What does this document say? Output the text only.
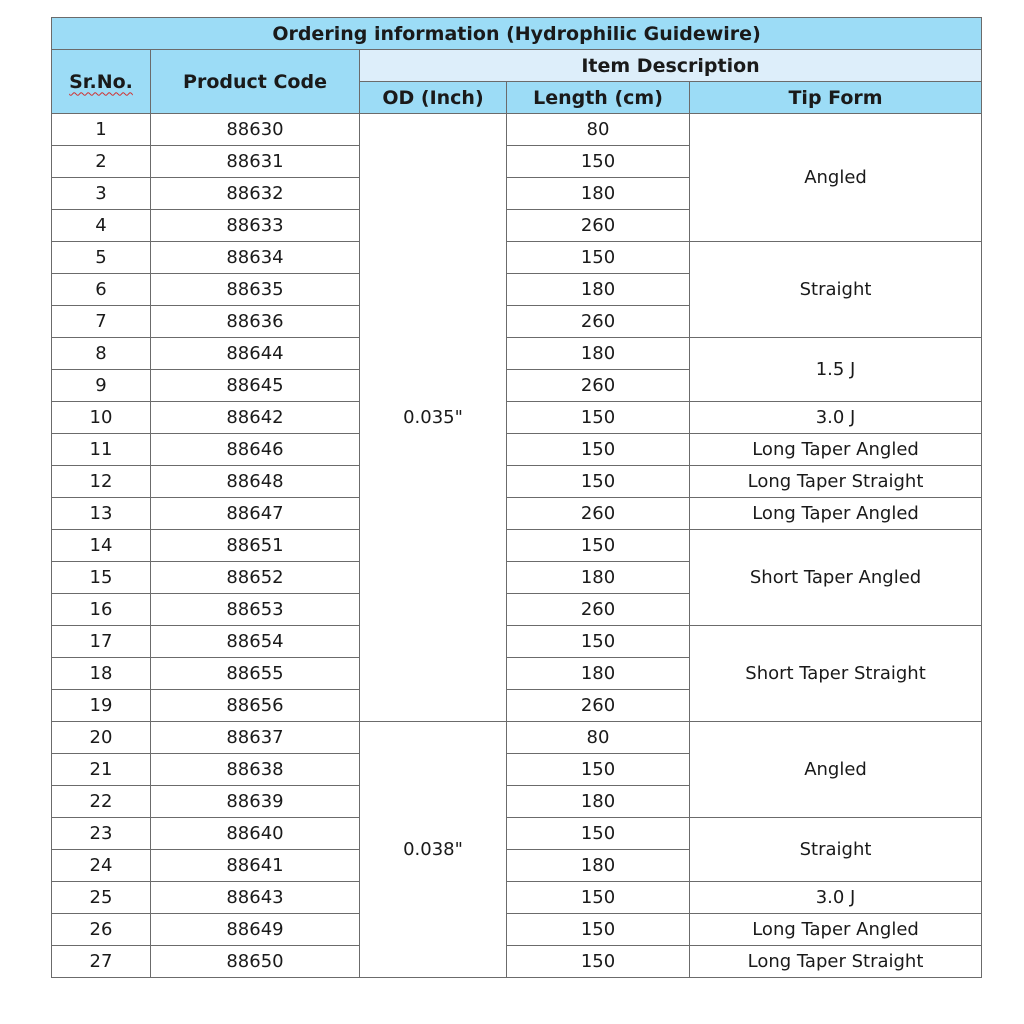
Ordering information (Hydrophilic Guidewire)				
Sr.No.	Product Code	Item Description		
		OD (Inch)	Length (cm)	Tip Form
1	88630	0.035"	80	Angled
2	88631		150	
3	88632		180	
4	88633		260	
5	88634		150	Straight
6	88635		180	
7	88636		260	
8	88644		180	1.5 J
9	88645		260	
10	88642		150	3.0 J
11	88646		150	Long Taper Angled
12	88648		150	Long Taper Straight
13	88647		260	Long Taper Angled
14	88651		150	Short Taper Angled
15	88652		180	
16	88653		260	
17	88654		150	Short Taper Straight
18	88655		180	
19	88656		260	
20	88637	0.038"	80	Angled
21	88638		150	
22	88639		180	
23	88640		150	Straight
24	88641		180	
25	88643		150	3.0 J
26	88649		150	Long Taper Angled
27	88650		150	Long Taper Straight
